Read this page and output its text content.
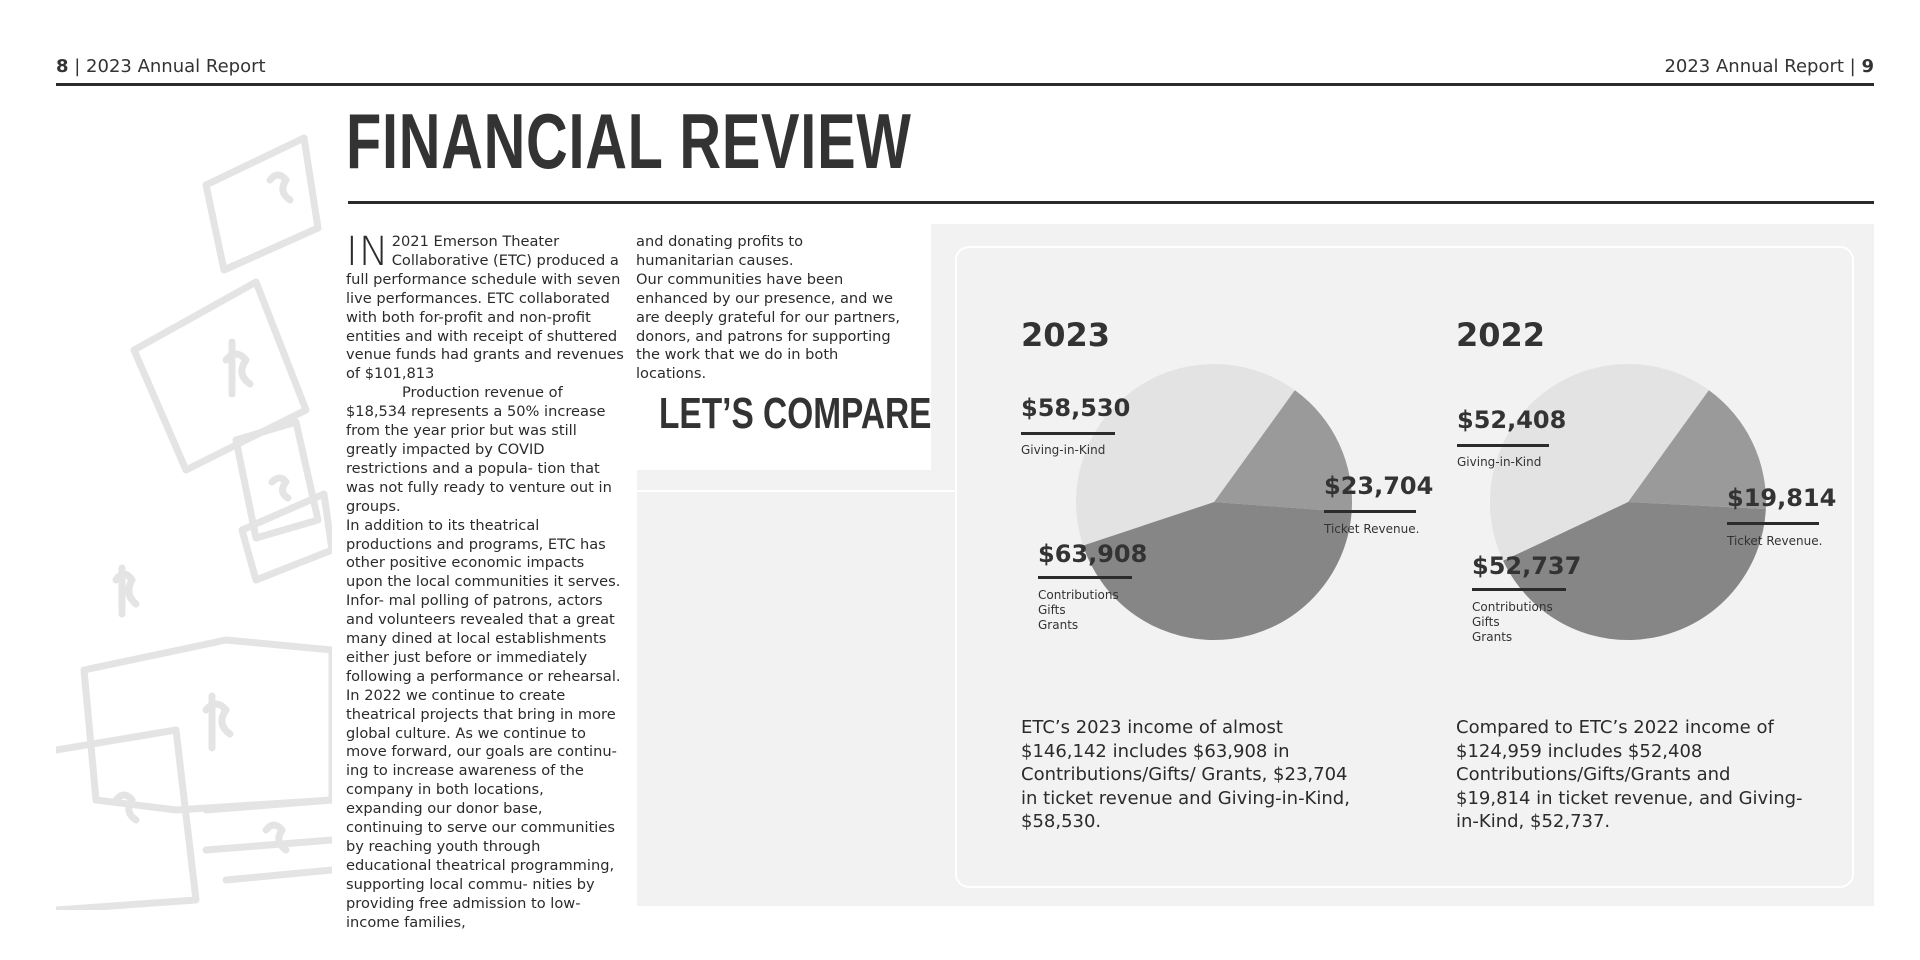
8 | 2023 Annual Report	2023 Annual Report | 9
FINANCIAL REVIEW

IN 2021 Emerson Theater Collaborative (ETC) produced a full performance schedule with seven live performances. ETC collaborated with both for-profit and non-profit entities and with receipt of shuttered venue funds had grants and revenues of $101,813

Production revenue of $18,534 represents a 50% increase from the year prior but was still greatly impacted by COVID restrictions and a popula- tion that was not fully ready to venture out in groups.

In addition to its theatrical productions and programs, ETC has other positive economic impacts upon the local communities it serves. Infor- mal polling of patrons, actors and volunteers revealed that a great many dined at local establishments either just before or immediately following a performance or rehearsal.

In 2022 we continue to create theatrical projects that bring in more global culture. As we continue to move forward, our goals are continu- ing to increase awareness of the company in both locations, expanding our donor base, continuing to serve our communities by reaching youth through educational theatrical programming, supporting local commu- nities by providing free admission to low-income families,

and donating profits to humanitarian causes.

Our communities have been enhanced by our presence, and we are deeply grateful for our partners, donors, and patrons for supporting the work that we do in both locations.

LET’S COMPARE
2023
$58,530
Giving-in-Kind
$23,704
Ticket Revenue.
$63,908
Contributions
Gifts
Grants
ETC’s 2023 income of almost $146,142 includes $63,908 in Contributions/Gifts/ Grants, $23,704 in ticket revenue and Giving-in-Kind, $58,530.
2022
$52,408
Giving-in-Kind
$19,814
Ticket Revenue.
$52,737
Contributions
Gifts
Grants
Compared to ETC’s 2022 income of $124,959 includes $52,408 Contributions/Gifts/Grants and $19,814 in ticket revenue, and Giving- in-Kind, $52,737.
